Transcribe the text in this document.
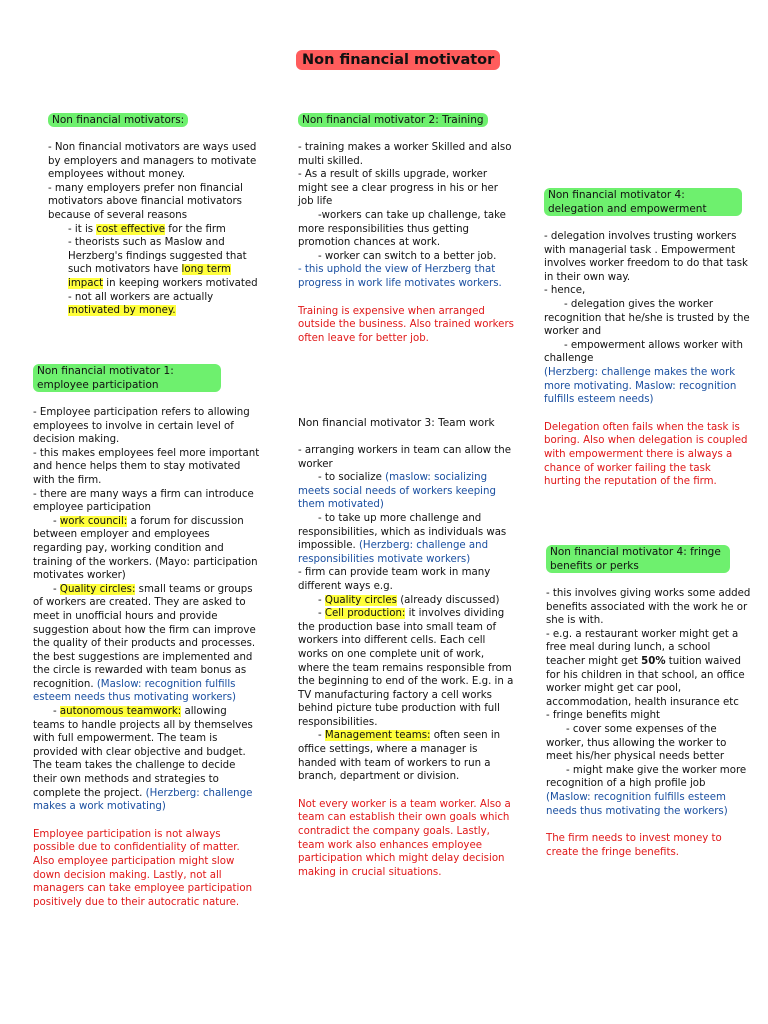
Non financial motivator
Non financial motivators:

- Non financial motivators are ways used by employers and managers to motivate employees without money.

- many employers prefer non financial motivators above financial motivators because of several reasons

- it is cost effective for the firm

- theorists such as Maslow and Herzberg's findings suggested that such motivators have long term impact in keeping workers motivated

- not all workers are actually motivated by money.

Non financial motivator 1: employee participation

- Employee participation refers to allowing employees to involve in certain level of decision making.

- this makes employees feel more important and hence helps them to stay motivated with the firm.

- there are many ways a firm can introduce employee participation

- work council: a forum for discussion between employer and employees regarding pay, working condition and training of the workers. (Mayo: participation motivates worker)

- Quality circles: small teams or groups of workers are created. They are asked to meet in unofficial hours and provide suggestion about how the firm can improve the quality of their products and processes. the best suggestions are implemented and the circle is rewarded with team bonus as recognition. (Maslow: recognition fulfills esteem needs thus motivating workers)

- autonomous teamwork: allowing teams to handle projects all by themselves with full empowerment. The team is provided with clear objective and budget. The team takes the challenge to decide their own methods and strategies to complete the project. (Herzberg: challenge makes a work motivating)

Employee participation is not always possible due to confidentiality of matter. Also employee participation might slow down decision making. Lastly, not all managers can take employee participation positively due to their autocratic nature.

Non financial motivator 2: Training

- training makes a worker Skilled and also multi skilled.

- As a result of skills upgrade, worker might see a clear progress in his or her job life

-workers can take up challenge, take more responsibilities thus getting promotion chances at work.

- worker can switch to a better job.

- this uphold the view of Herzberg that progress in work life motivates workers.

Training is expensive when arranged outside the business. Also trained workers often leave for better job.

Non financial motivator 3: Team work

- arranging workers in team can allow the worker

- to socialize (maslow: socializing meets social needs of workers keeping them motivated)

- to take up more challenge and responsibilities, which as individuals was impossible. (Herzberg: challenge and responsibilities motivate workers)

- firm can provide team work in many different ways e.g.

- Quality circles (already discussed)

- Cell production: it involves dividing the production base into small team of workers into different cells. Each cell works on one complete unit of work, where the team remains responsible from the beginning to end of the work. E.g. in a TV manufacturing factory a cell works behind picture tube production with full responsibilities.

- Management teams: often seen in office settings, where a manager is handed with team of workers to run a branch, department or division.

Not every worker is a team worker. Also a team can establish their own goals which contradict the company goals. Lastly, team work also enhances employee participation which might delay decision making in crucial situations.

Non financial motivator 4: delegation and empowerment

- delegation involves trusting workers with managerial task . Empowerment involves worker freedom to do that task in their own way.

- hence,

- delegation gives the worker recognition that he/she is trusted by the worker and

- empowerment allows worker with challenge

(Herzberg: challenge makes the work more motivating. Maslow: recognition fulfills esteem needs)

Delegation often fails when the task is boring. Also when delegation is coupled with empowerment there is always a chance of worker failing the task hurting the reputation of the firm.

Non financial motivator 4: fringe benefits or perks

- this involves giving works some added benefits associated with the work he or she is with.

- e.g. a restaurant worker might get a free meal during lunch, a school teacher might get 50% tuition waived for his children in that school, an office worker might get car pool, accommodation, health insurance etc

- fringe benefits might

- cover some expenses of the worker, thus allowing the worker to meet his/her physical needs better

- might make give the worker more recognition of a high profile job (Maslow: recognition fulfills esteem needs thus motivating the workers)

The firm needs to invest money to create the fringe benefits.
